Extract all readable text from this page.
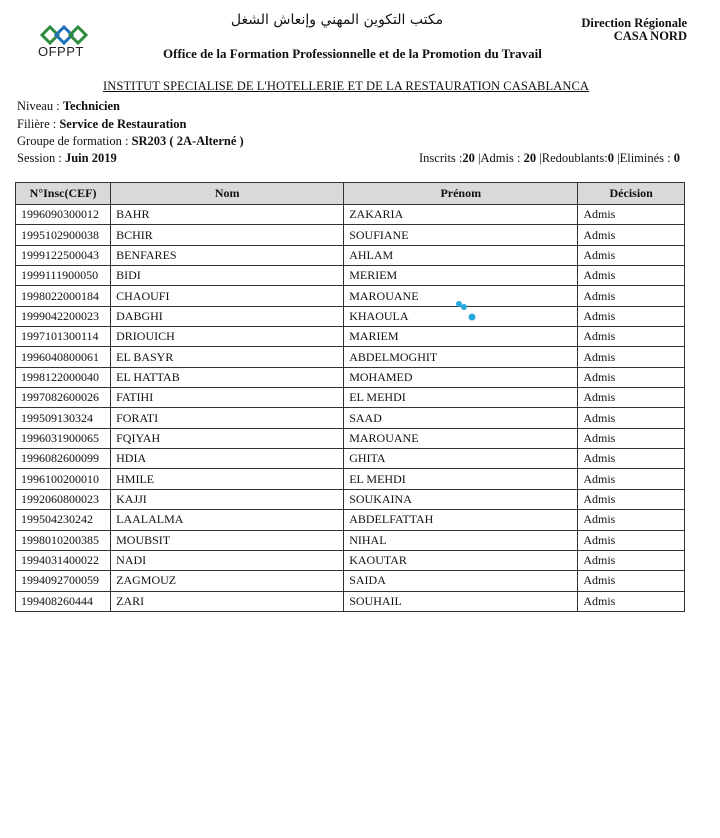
OFPPT
مكتب التكوين المهني وإنعاش الشغل
Office de la Formation Professionnelle et de la Promotion du Travail
Direction Régionale
CASA NORD
INSTITUT SPECIALISE DE L'HOTELLERIE ET DE LA RESTAURATION CASABLANCA
Niveau : Technicien
Filière : Service de Restauration
Groupe de formation : SR203 ( 2A-Alterné )
Session : Juin 2019	Inscrits :20 |Admis : 20 |Redoublants:0 |Eliminés : 0
N°Insc(CEF)	Nom	Prénom	Décision
1996090300012	BAHR	ZAKARIA	Admis
1995102900038	BCHIR	SOUFIANE	Admis
1999122500043	BENFARES	AHLAM	Admis
1999111900050	BIDI	MERIEM	Admis
1998022000184	CHAOUFI	MAROUANE	Admis
1999042200023	DABGHI	KHAOULA	Admis
1997101300114	DRIOUICH	MARIEM	Admis
1996040800061	EL BASYR	ABDELMOGHIT	Admis
1998122000040	EL HATTAB	MOHAMED	Admis
1997082600026	FATIHI	EL MEHDI	Admis
199509130324	FORATI	SAAD	Admis
1996031900065	FQIYAH	MAROUANE	Admis
1996082600099	HDIA	GHITA	Admis
1996100200010	HMILE	EL MEHDI	Admis
1992060800023	KAJJI	SOUKAINA	Admis
199504230242	LAALALMA	ABDELFATTAH	Admis
1998010200385	MOUBSIT	NIHAL	Admis
1994031400022	NADI	KAOUTAR	Admis
1994092700059	ZAGMOUZ	SAIDA	Admis
199408260444	ZARI	SOUHAIL	Admis
